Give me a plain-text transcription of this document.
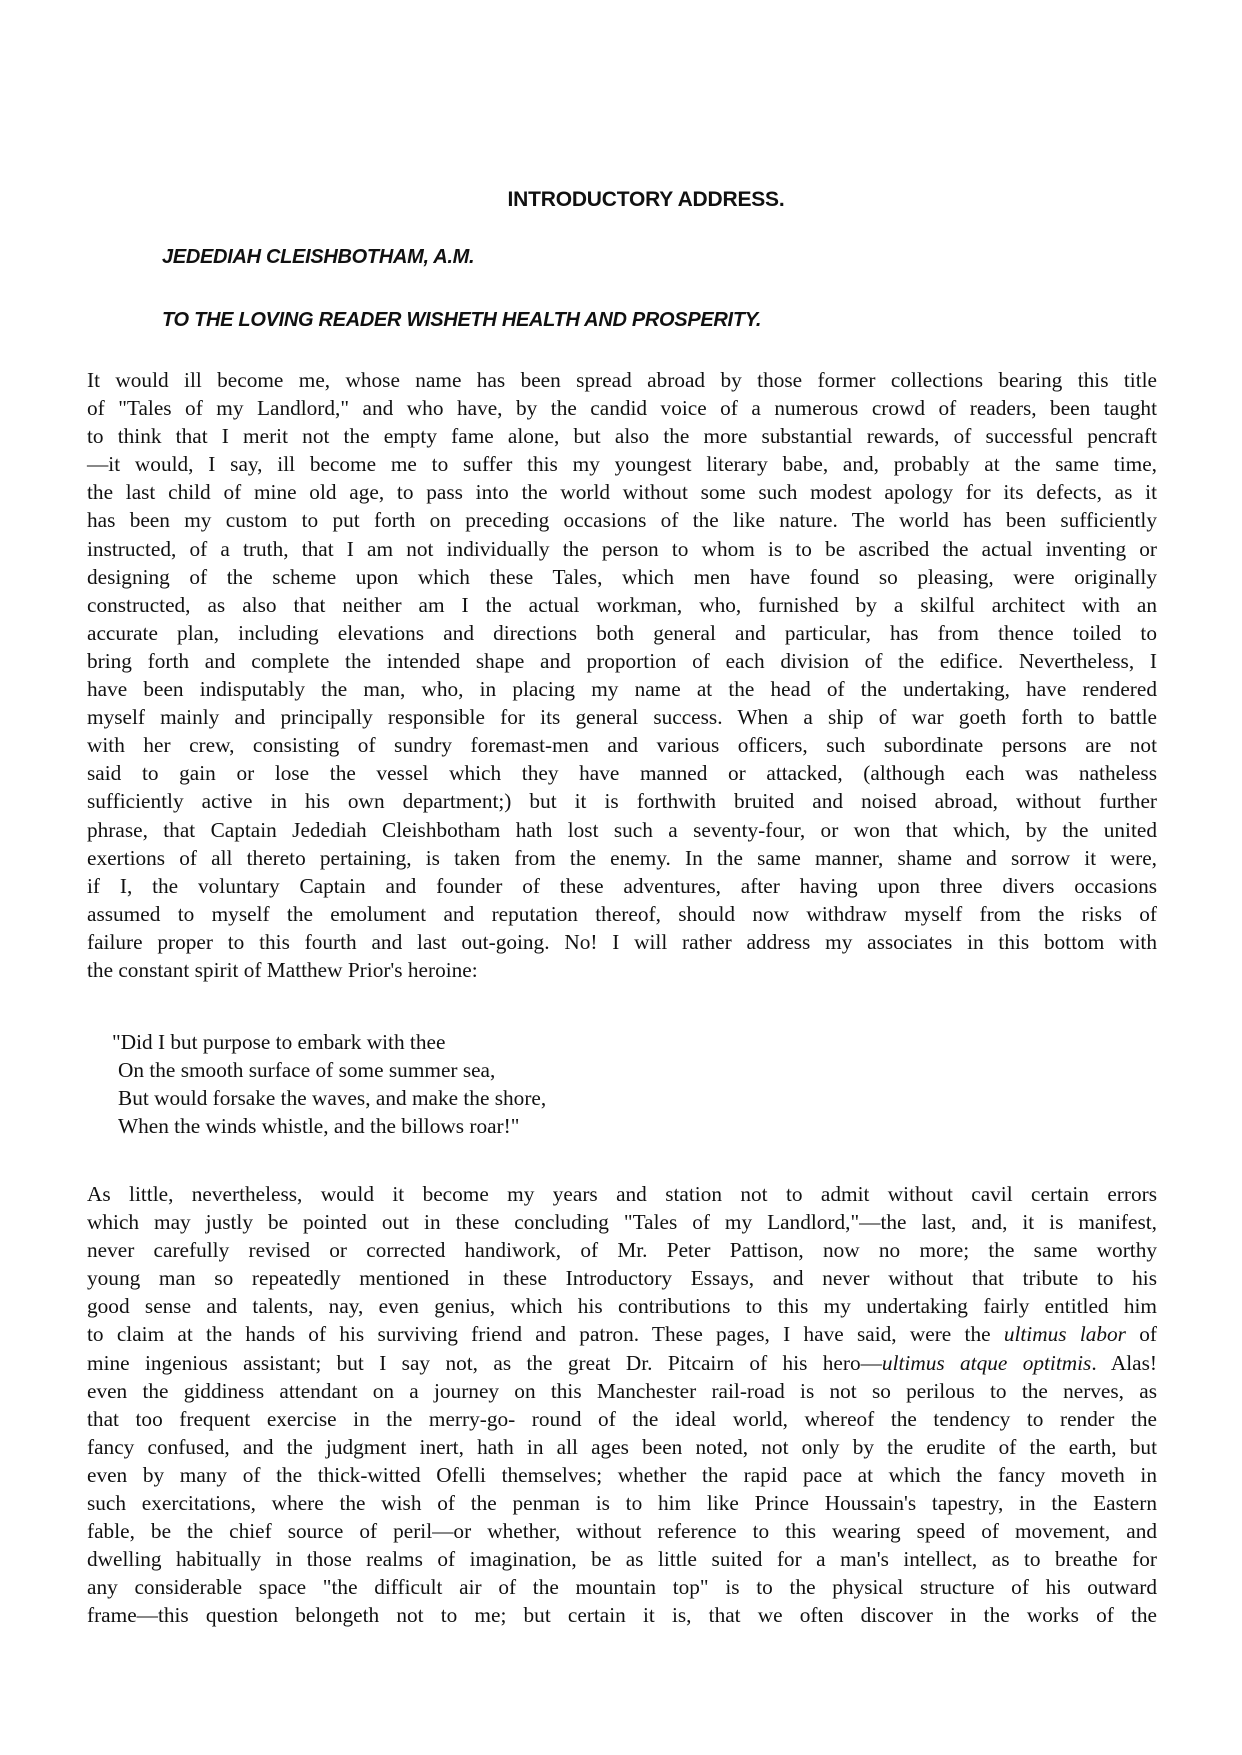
INTRODUCTORY ADDRESS.
JEDEDIAH CLEISHBOTHAM, A.M.
TO THE LOVING READER WISHETH HEALTH AND PROSPERITY.
It would ill become me, whose name has been spread abroad by those former collections bearing this title
of "Tales of my Landlord," and who have, by the candid voice of a numerous crowd of readers, been taught
to think that I merit not the empty fame alone, but also the more substantial rewards, of successful pencraft
—it would, I say, ill become me to suffer this my youngest literary babe, and, probably at the same time,
the last child of mine old age, to pass into the world without some such modest apology for its defects, as it
has been my custom to put forth on preceding occasions of the like nature. The world has been sufficiently
instructed, of a truth, that I am not individually the person to whom is to be ascribed the actual inventing or
designing of the scheme upon which these Tales, which men have found so pleasing, were originally
constructed, as also that neither am I the actual workman, who, furnished by a skilful architect with an
accurate plan, including elevations and directions both general and particular, has from thence toiled to
bring forth and complete the intended shape and proportion of each division of the edifice. Nevertheless, I
have been indisputably the man, who, in placing my name at the head of the undertaking, have rendered
myself mainly and principally responsible for its general success. When a ship of war goeth forth to battle
with her crew, consisting of sundry foremast-men and various officers, such subordinate persons are not
said to gain or lose the vessel which they have manned or attacked, (although each was natheless
sufficiently active in his own department;) but it is forthwith bruited and noised abroad, without further
phrase, that Captain Jedediah Cleishbotham hath lost such a seventy-four, or won that which, by the united
exertions of all thereto pertaining, is taken from the enemy. In the same manner, shame and sorrow it were,
if I, the voluntary Captain and founder of these adventures, after having upon three divers occasions
assumed to myself the emolument and reputation thereof, should now withdraw myself from the risks of
failure proper to this fourth and last out-going. No! I will rather address my associates in this bottom with
the constant spirit of Matthew Prior's heroine:
"Did I but purpose to embark with thee
On the smooth surface of some summer sea,
But would forsake the waves, and make the shore,
When the winds whistle, and the billows roar!"
As little, nevertheless, would it become my years and station not to admit without cavil certain errors
which may justly be pointed out in these concluding "Tales of my Landlord,"—the last, and, it is manifest,
never carefully revised or corrected handiwork, of Mr. Peter Pattison, now no more; the same worthy
young man so repeatedly mentioned in these Introductory Essays, and never without that tribute to his
good sense and talents, nay, even genius, which his contributions to this my undertaking fairly entitled him
to claim at the hands of his surviving friend and patron. These pages, I have said, were the ultimus labor of
mine ingenious assistant; but I say not, as the great Dr. Pitcairn of his hero—ultimus atque optitmis. Alas!
even the giddiness attendant on a journey on this Manchester rail-road is not so perilous to the nerves, as
that too frequent exercise in the merry-go- round of the ideal world, whereof the tendency to render the
fancy confused, and the judgment inert, hath in all ages been noted, not only by the erudite of the earth, but
even by many of the thick-witted Ofelli themselves; whether the rapid pace at which the fancy moveth in
such exercitations, where the wish of the penman is to him like Prince Houssain's tapestry, in the Eastern
fable, be the chief source of peril—or whether, without reference to this wearing speed of movement, and
dwelling habitually in those realms of imagination, be as little suited for a man's intellect, as to breathe for
any considerable space "the difficult air of the mountain top" is to the physical structure of his outward
frame—this question belongeth not to me; but certain it is, that we often discover in the works of the
